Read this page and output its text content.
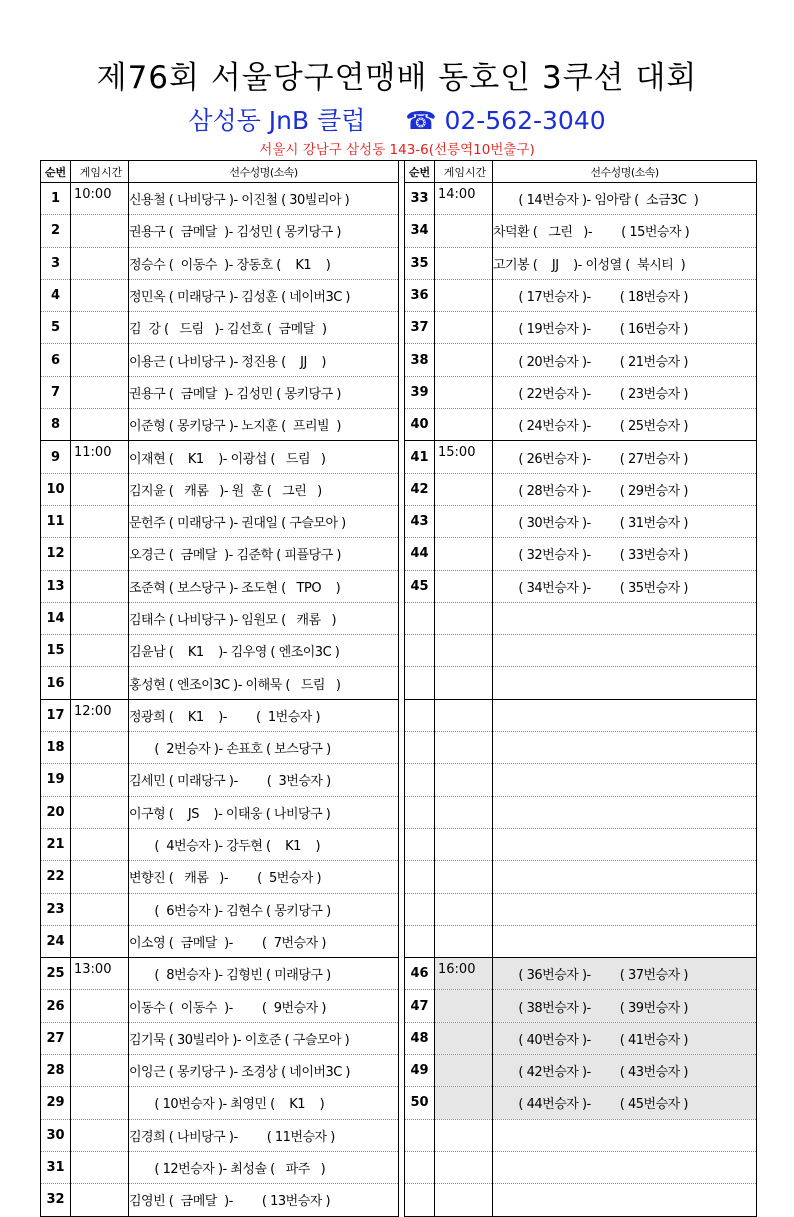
제76회 서울당구연맹배 동호인 3쿠션 대회
삼성동 JnB 클럽 ☎ 02-562-3040
서울시 강남구 삼성동 143-6(선릉역10번출구)
순번	게임시간	선수성명(소속)		순번	게임시간	선수성명(소속)
1	10:00	신용철 ( 나비당구 )- 이진철 ( 30빌리아 )		33	14:00	( 14번승자 )- 임아람 (  소금3C  )
2		권용구 (  금메달  )- 김성민 ( 몽키당구 )		34		차덕환 (   그린   )-        ( 15번승자 )
3		정승수 (  이동수  )- 장동호 (    K1    )		35		고기봉 (    JJ    )- 이성열 (  북시티  )
4		정민옥 ( 미래당구 )- 김성훈 ( 네이버3C )		36		( 17번승자 )-        ( 18번승자 )
5		김  강 (   드림   )- 김선호 (  금메달  )		37		( 19번승자 )-        ( 16번승자 )
6		이용근 ( 나비당구 )- 정진용 (    JJ    )		38		( 20번승자 )-        ( 21번승자 )
7		권용구 (  금메달  )- 김성민 ( 몽키당구 )		39		( 22번승자 )-        ( 23번승자 )
8		이준형 ( 몽키당구 )- 노지훈 (  프리빌  )		40		( 24번승자 )-        ( 25번승자 )
9	11:00	이재현 (    K1    )- 이광섭 (   드림   )		41	15:00	( 26번승자 )-        ( 27번승자 )
10		김지윤 (   캐롬   )- 원  훈 (   그린   )		42		( 28번승자 )-        ( 29번승자 )
11		문헌주 ( 미래당구 )- 권대일 ( 구슬모아 )		43		( 30번승자 )-        ( 31번승자 )
12		오경근 (  금메달  )- 김준학 ( 피플당구 )		44		( 32번승자 )-        ( 33번승자 )
13		조준혁 ( 보스당구 )- 조도현 (   TPO    )		45		( 34번승자 )-        ( 35번승자 )
14		김태수 ( 나비당구 )- 임원모 (   캐롬   )				
15		김윤남 (    K1    )- 김우영 ( 엔조이3C )				
16		홍성현 ( 엔조이3C )- 이해묵 (   드림   )				
17	12:00	정광희 (    K1    )-        (  1번승자 )				
18		(  2번승자 )- 손표호 ( 보스당구 )				
19		김세민 ( 미래당구 )-        (  3번승자 )				
20		이구형 (    JS    )- 이태웅 ( 나비당구 )				
21		(  4번승자 )- 강두현 (    K1    )				
22		변향진 (   캐롬   )-        (  5번승자 )				
23		(  6번승자 )- 김현수 ( 몽키당구 )				
24		이소영 (  금메달  )-        (  7번승자 )				
25	13:00	(  8번승자 )- 김형빈 ( 미래당구 )		46	16:00	( 36번승자 )-        ( 37번승자 )
26		이동수 (  이동수  )-        (  9번승자 )		47		( 38번승자 )-        ( 39번승자 )
27		김기묵 ( 30빌리아 )- 이호준 ( 구슬모아 )		48		( 40번승자 )-        ( 41번승자 )
28		이잉근 ( 몽키당구 )- 조경상 ( 네이버3C )		49		( 42번승자 )-        ( 43번승자 )
29		( 10번승자 )- 최영민 (    K1    )		50		( 44번승자 )-        ( 45번승자 )
30		김경희 ( 나비당구 )-        ( 11번승자 )				
31		( 12번승자 )- 최성솔 (   파주   )				
32		김영빈 (  금메달  )-        ( 13번승자 )				
